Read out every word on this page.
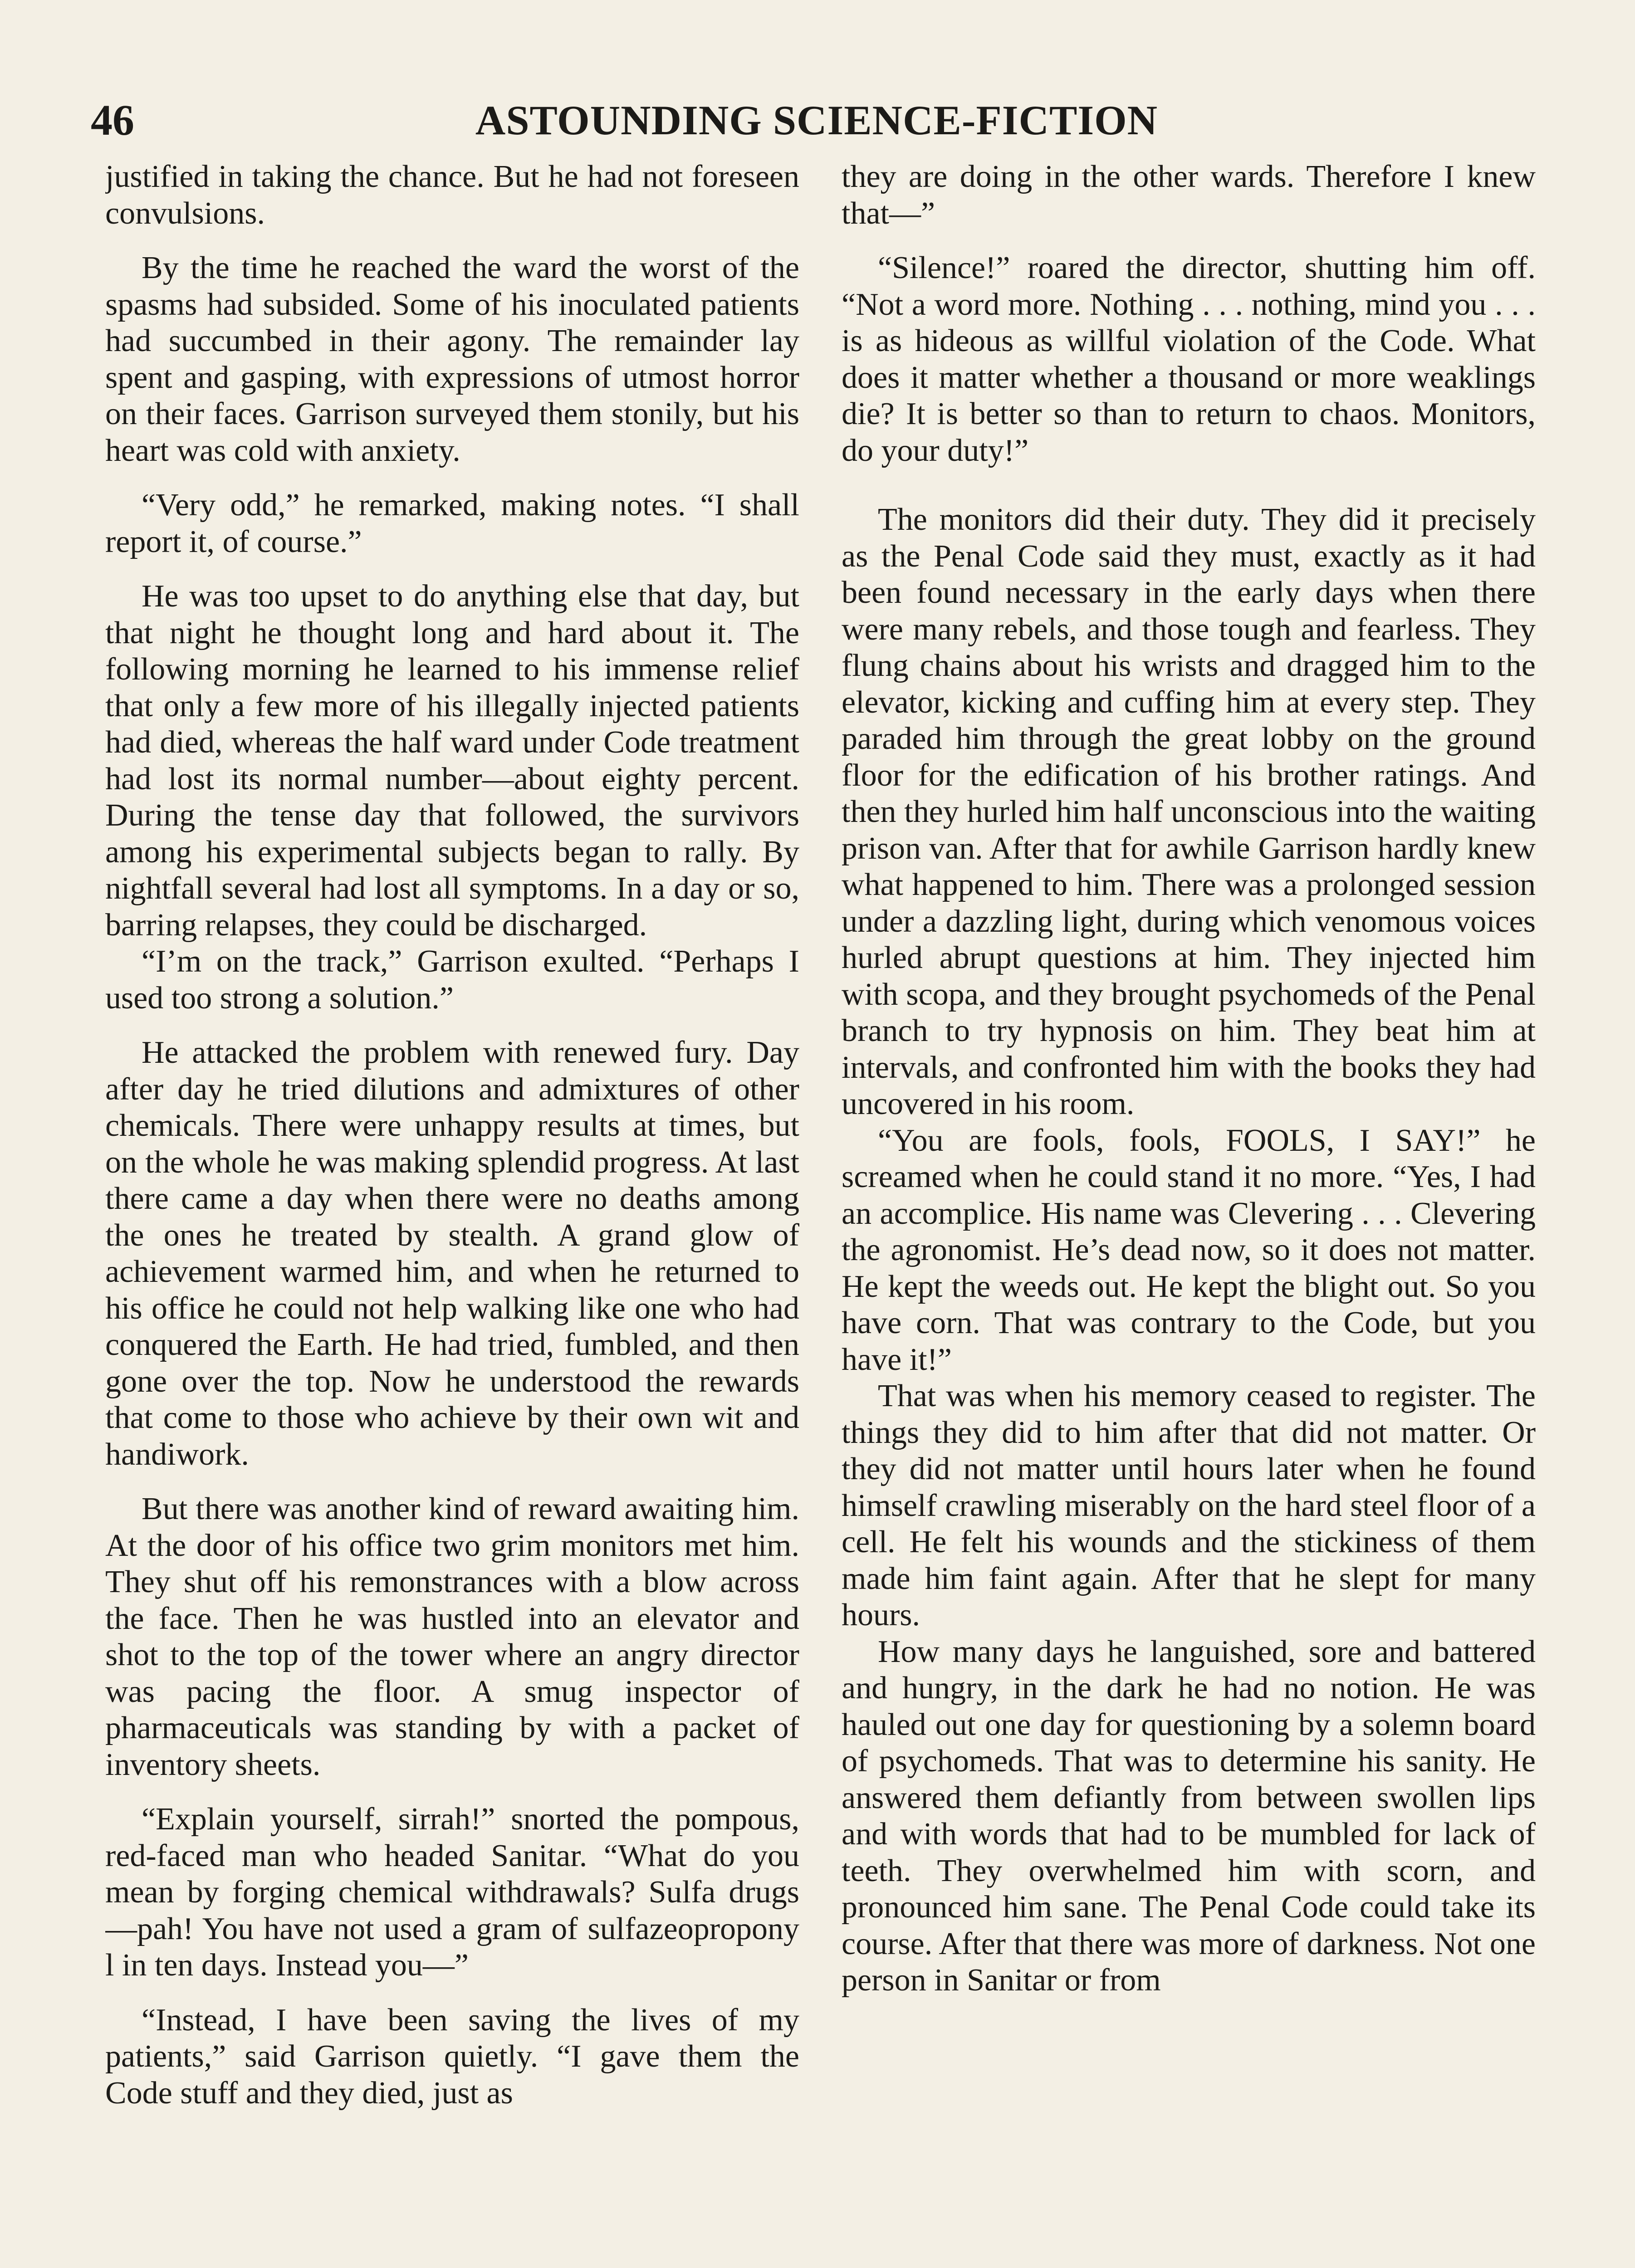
46	ASTOUNDING SCIENCE-FICTION

justified in taking the chance. But he had not foreseen convulsions.

By the time he reached the ward the worst of the spasms had subsided. Some of his inoculated patients had succumbed in their agony. The remainder lay spent and gasping, with expressions of utmost horror on their faces. Garrison surveyed them stonily, but his heart was cold with anxiety.

“Very odd,” he remarked, making notes. “I shall report it, of course.”

He was too upset to do anything else that day, but that night he thought long and hard about it. The following morning he learned to his immense relief that only a few more of his illegally injected patients had died, whereas the half ward under Code treatment had lost its normal number—about eighty percent. During the tense day that followed, the survivors among his experimental subjects began to rally. By nightfall several had lost all symptoms. In a day or so, barring relapses, they could be discharged.

“I’m on the track,” Garrison exulted. “Perhaps I used too strong a solution.”

He attacked the problem with renewed fury. Day after day he tried dilutions and admixtures of other chemicals. There were unhappy results at times, but on the whole he was making splendid progress. At last there came a day when there were no deaths among the ones he treated by stealth. A grand glow of achievement warmed him, and when he returned to his office he could not help walking like one who had conquered the Earth. He had tried, fumbled, and then gone over the top. Now he understood the rewards that come to those who achieve by their own wit and handiwork.

But there was another kind of reward awaiting him. At the door of his office two grim monitors met him. They shut off his remonstrances with a blow across the face. Then he was hustled into an elevator and shot to the top of the tower where an angry director was pacing the floor. A smug inspector of pharmaceuticals was standing by with a packet of inventory sheets.

“Explain yourself, sirrah!” snorted the pompous, red-faced man who headed Sanitar. “What do you mean by forging chemical withdrawals? Sulfa drugs—pah! You have not used a gram of sulfazeopropony l in ten days. Instead you—”

“Instead, I have been saving the lives of my patients,” said Garrison quietly. “I gave them the Code stuff and they died, just as

they are doing in the other wards. Therefore I knew that—”

“Silence!” roared the director, shutting him off. “Not a word more. Nothing . . . nothing, mind you . . . is as hideous as willful violation of the Code. What does it matter whether a thousand or more weaklings die? It is better so than to return to chaos. Monitors, do your duty!”

The monitors did their duty. They did it precisely as the Penal Code said they must, exactly as it had been found necessary in the early days when there were many rebels, and those tough and fearless. They flung chains about his wrists and dragged him to the elevator, kicking and cuffing him at every step. They paraded him through the great lobby on the ground floor for the edification of his brother ratings. And then they hurled him half unconscious into the waiting prison van. After that for awhile Garrison hardly knew what happened to him. There was a prolonged session under a dazzling light, during which venomous voices hurled abrupt questions at him. They injected him with scopa, and they brought psychomeds of the Penal branch to try hypnosis on him. They beat him at intervals, and confronted him with the books they had uncovered in his room.

“You are fools, fools, FOOLS, I SAY!” he screamed when he could stand it no more. “Yes, I had an accomplice. His name was Clevering . . . Clevering the agronomist. He’s dead now, so it does not matter. He kept the weeds out. He kept the blight out. So you have corn. That was contrary to the Code, but you have it!”

That was when his memory ceased to register. The things they did to him after that did not matter. Or they did not matter until hours later when he found himself crawling miserably on the hard steel floor of a cell. He felt his wounds and the stickiness of them made him faint again. After that he slept for many hours.

How many days he languished, sore and battered and hungry, in the dark he had no notion. He was hauled out one day for questioning by a solemn board of psychomeds. That was to determine his sanity. He answered them defiantly from between swollen lips and with words that had to be mumbled for lack of teeth. They overwhelmed him with scorn, and pronounced him sane. The Penal Code could take its course. After that there was more of darkness. Not one person in Sanitar or from
